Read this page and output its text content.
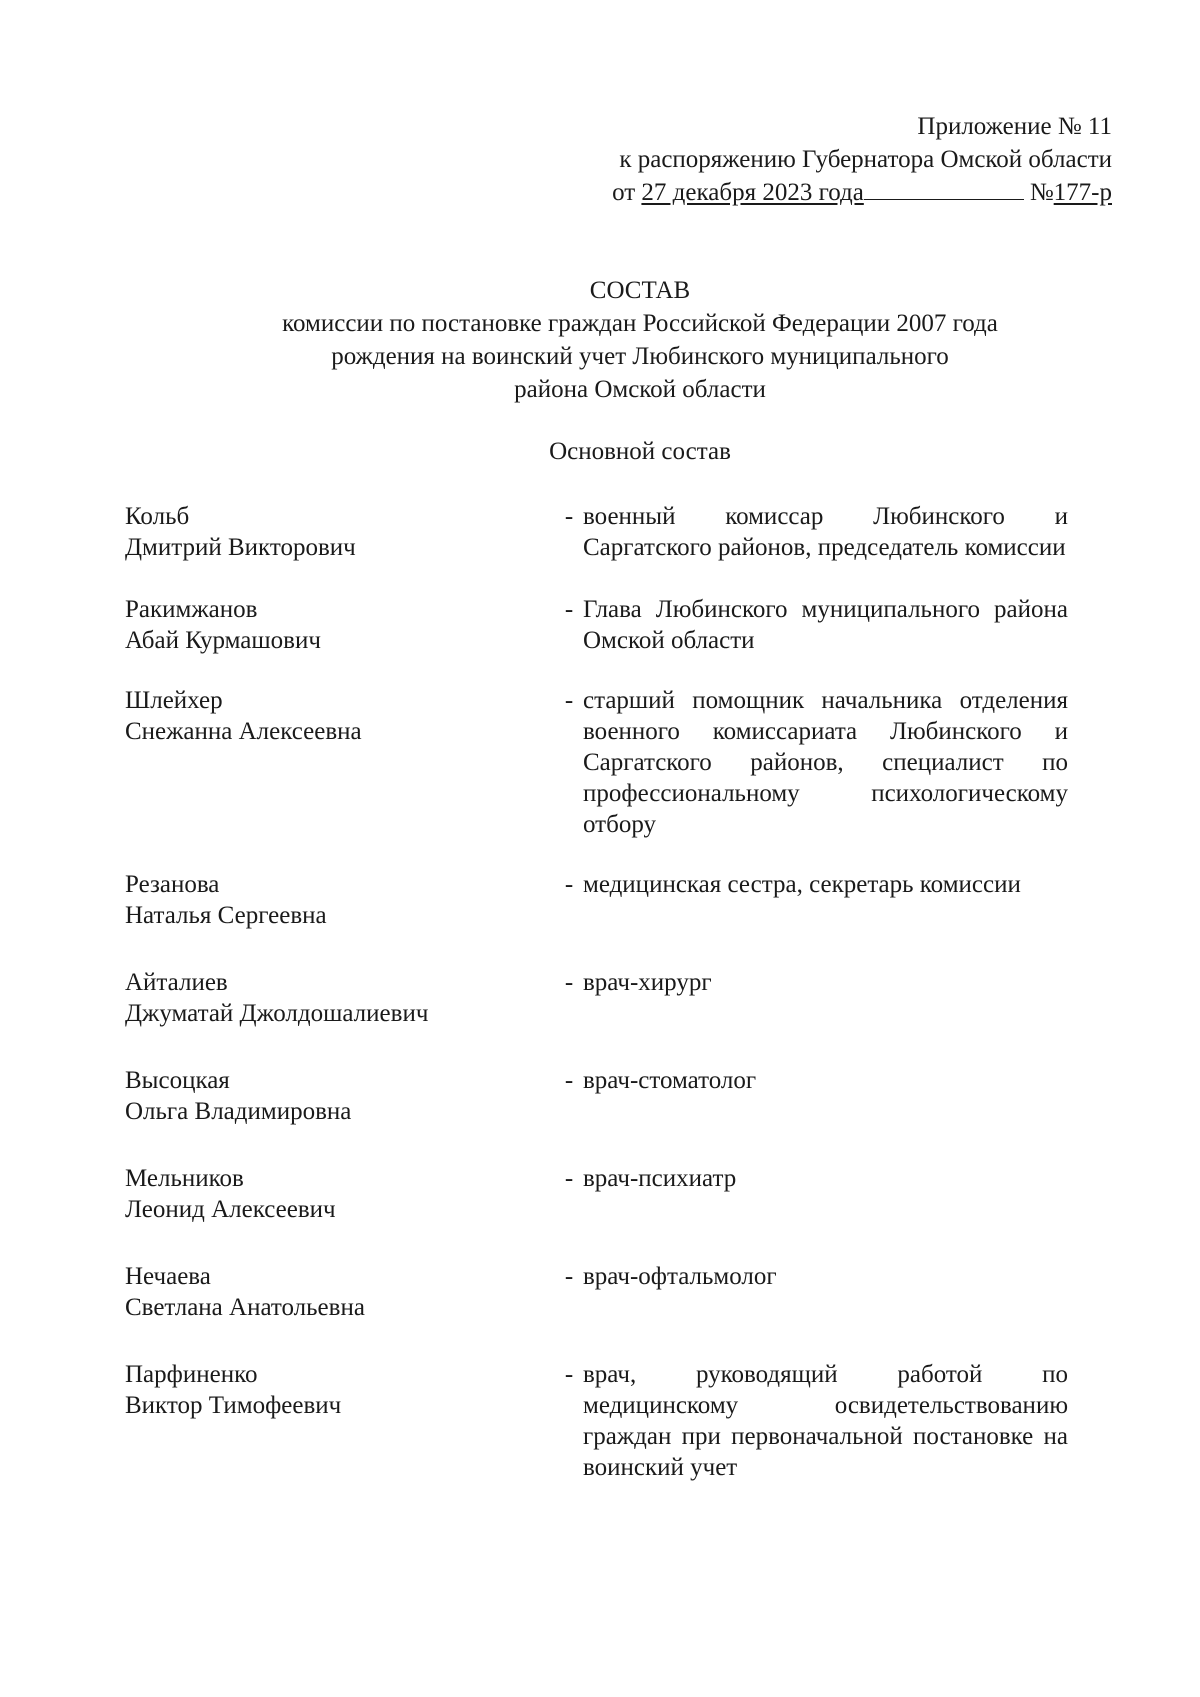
Приложение № 11
к распоряжению Губернатора Омской области
от
27 декабря 2023 года	№ 177-р
СОСТАВ
комиссии по постановке граждан Российской Федерации 2007 года
рождения на воинский учет Любинского муниципального
района Омской области
Основной состав
Кольб
Дмитрий Викторович
- военный комиссар Любинского и Саргатского районов, председатель комиссии
Ракимжанов
Абай Курмашович
- Глава Любинского муниципального района Омской области
Шлейхер
Снежанна Алексеевна
- старший помощник начальника отделения военного комиссариата Любинского и Саргатского районов, специалист по профессиональному психологическому отбору
Резанова
Наталья Сергеевна
- медицинская сестра, секретарь комиссии
Айталиев
Джуматай Джолдошалиевич
- врач-хирург
Высоцкая
Ольга Владимировна
- врач-стоматолог
Мельников
Леонид Алексеевич
- врач-психиатр
Нечаева
Светлана Анатольевна
- врач-офтальмолог
Парфиненко
Виктор Тимофеевич
- врач, руководящий работой по медицинскому освидетельствованию граждан при первоначальной постановке на воинский учет
